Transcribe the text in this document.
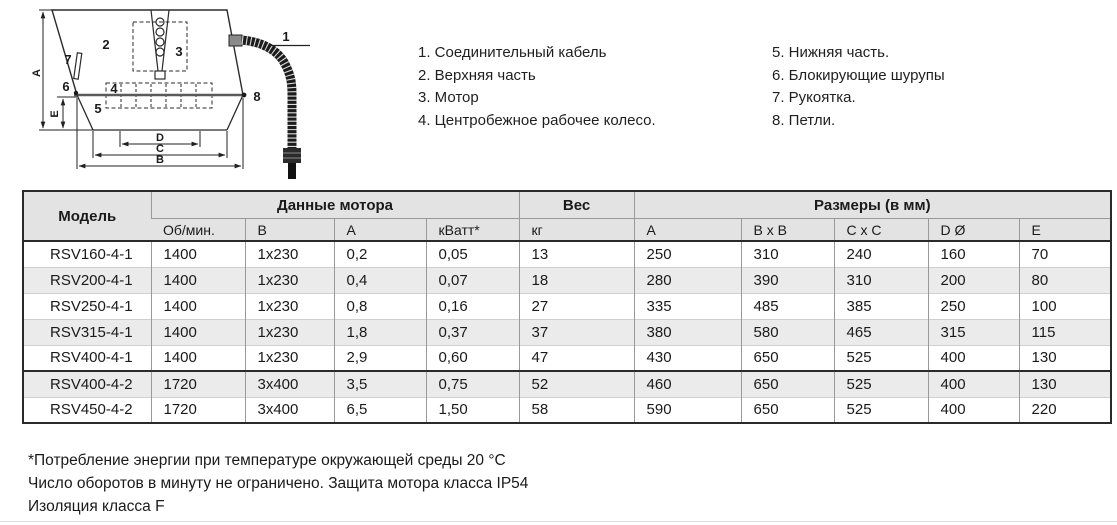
1
2	3
4
5
6
7
8
A
E
D
C
B
1. Соединительный кабель
2. Верхняя часть
3. Мотор
4. Центробежное рабочее колесо.
5. Нижняя часть.
6. Блокирующие шурупы
7. Рукоятка.
8. Петли.
Модель	Данные мотора				Вес	Размеры (в мм)				
	Об/мин.	В	А	кВатт*	кг	A	B x B	C x C	D Ø	E
RSV160-4-1	1400	1x230	0,2	0,05	13	250	310	240	160	70
RSV200-4-1	1400	1x230	0,4	0,07	18	280	390	310	200	80
RSV250-4-1	1400	1x230	0,8	0,16	27	335	485	385	250	100
RSV315-4-1	1400	1x230	1,8	0,37	37	380	580	465	315	115
RSV400-4-1	1400	1x230	2,9	0,60	47	430	650	525	400	130
RSV400-4-2	1720	3x400	3,5	0,75	52	460	650	525	400	130
RSV450-4-2	1720	3x400	6,5	1,50	58	590	650	525	400	220
*Потребление энергии при температуре окружающей среды 20 °C
Число оборотов в минуту не ограничено. Защита мотора класса IP54
Изоляция класса F
